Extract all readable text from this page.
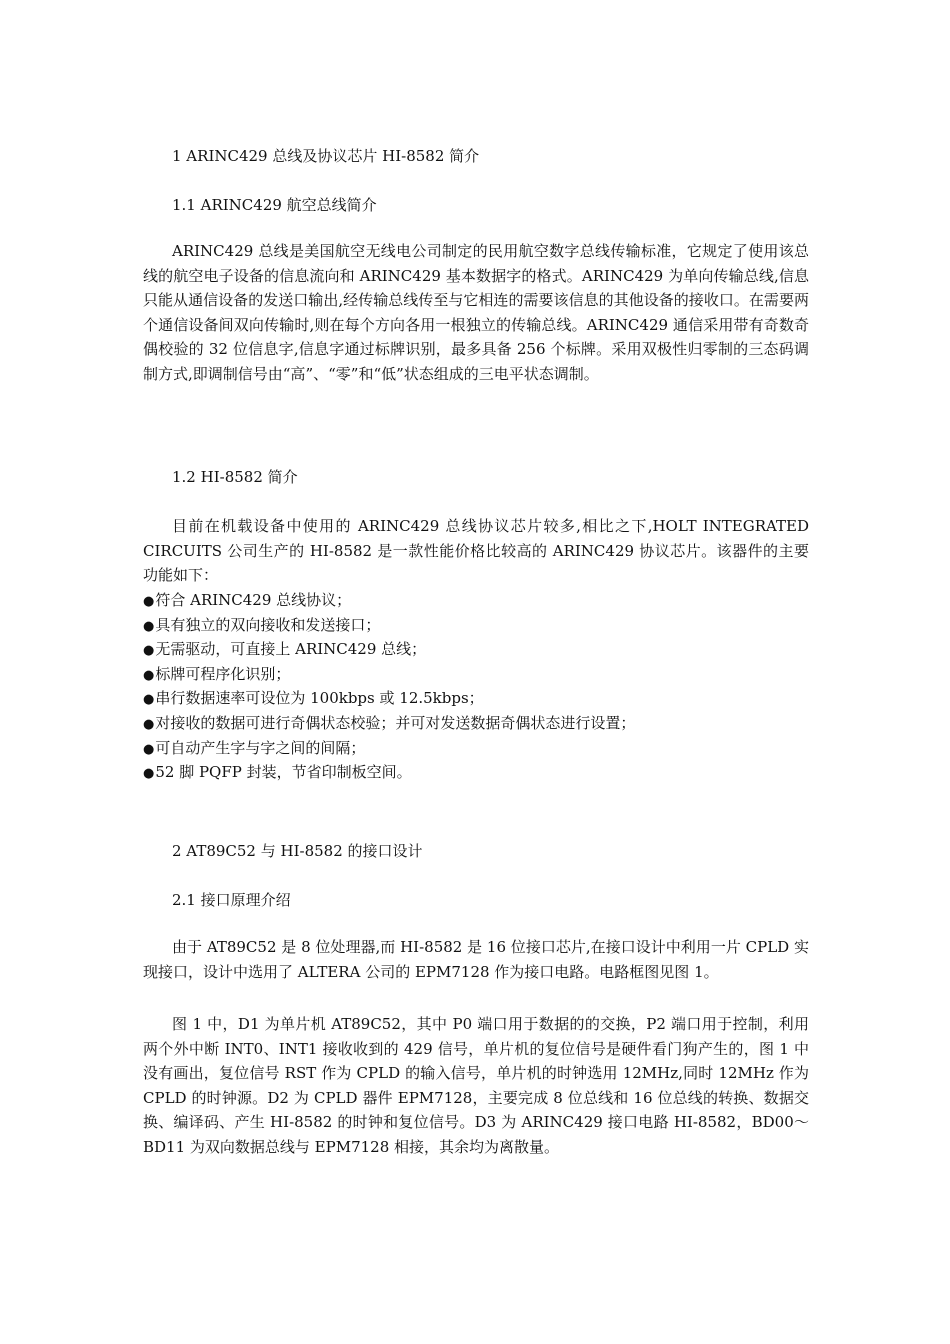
1 ARINC429 总线及协议芯片 HI-8582 简介
1.1 ARINC429 航空总线简介

ARINC429 总线是美国航空无线电公司制定的民用航空数字总线传输标准，它规定了使用该总线的航空电子设备的信息流向和 ARINC429 基本数据字的格式。ARINC429 为单向传输总线,信息只能从通信设备的发送口输出,经传输总线传至与它相连的需要该信息的其他设备的接收口。在需要两个通信设备间双向传输时,则在每个方向各用一根独立的传输总线。ARINC429 通信采用带有奇数奇偶校验的 32 位信息字,信息字通过标牌识别，最多具备 256 个标牌。采用双极性归零制的三态码调制方式,即调制信号由“高”、“零”和“低”状态组成的三电平状态调制。

1.2 HI-8582 简介

目前在机载设备中使用的 ARINC429 总线协议芯片较多,相比之下,HOLT INTEGRATED CIRCUITS 公司生产的 HI-8582 是一款性能价格比较高的 ARINC429 协议芯片。该器件的主要功能如下：

●符合 ARINC429 总线协议；
●具有独立的双向接收和发送接口；
●无需驱动，可直接上 ARINC429 总线；
●标牌可程序化识别；
●串行数据速率可设位为 100kbps 或 12.5kbps；
●对接收的数据可进行奇偶状态校验；并可对发送数据奇偶状态进行设置；
●可自动产生字与字之间的间隔；
●52 脚 PQFP 封装，节省印制板空间。
2 AT89C52 与 HI-8582 的接口设计
2.1 接口原理介绍

由于 AT89C52 是 8 位处理器,而 HI-8582 是 16 位接口芯片,在接口设计中利用一片 CPLD 实现接口，设计中选用了 ALTERA 公司的 EPM7128 作为接口电路。电路框图见图 1。

图 1 中，D1 为单片机 AT89C52，其中 P0 端口用于数据的的交换，P2 端口用于控制，利用两个外中断 INT0、INT1 接收收到的 429 信号，单片机的复位信号是硬件看门狗产生的，图 1 中没有画出，复位信号 RST 作为 CPLD 的输入信号，单片机的时钟选用 12MHz,同时 12MHz 作为 CPLD 的时钟源。D2 为 CPLD 器件 EPM7128，主要完成 8 位总线和 16 位总线的转换、数据交换、编译码、产生 HI-8582 的时钟和复位信号。D3 为 ARINC429 接口电路 HI-8582，BD00～BD11 为双向数据总线与 EPM7128 相接，其余均为离散量。
